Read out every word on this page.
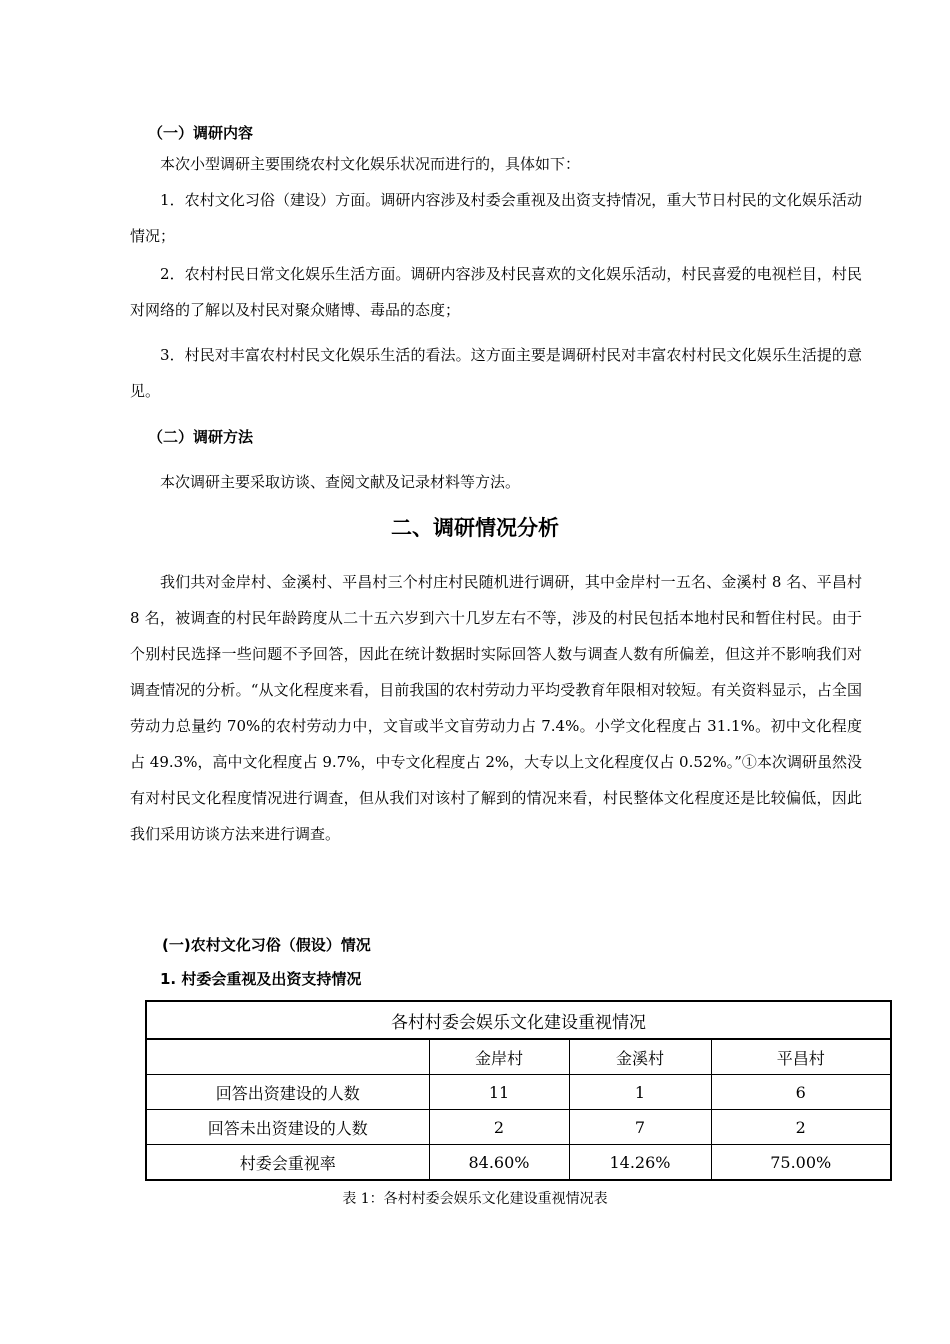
（一）调研内容
本次小型调研主要围绕农村文化娱乐状况而进行的，具体如下：

1．农村文化习俗（建设）方面。调研内容涉及村委会重视及出资支持情况，重大节日村民的文化娱乐活动情况；

2．农村村民日常文化娱乐生活方面。调研内容涉及村民喜欢的文化娱乐活动，村民喜爱的电视栏目，村民对网络的了解以及村民对聚众赌博、毒品的态度；

3．村民对丰富农村村民文化娱乐生活的看法。这方面主要是调研村民对丰富农村村民文化娱乐生活提的意见。

（二）调研方法
本次调研主要采取访谈、查阅文献及记录材料等方法。
二、调研情况分析

我们共对金岸村、金溪村、平昌村三个村庄村民随机进行调研，其中金岸村一五名、金溪村 8 名、平昌村 8 名，被调查的村民年龄跨度从二十五六岁到六十几岁左右不等，涉及的村民包括本地村民和暂住村民。由于个别村民选择一些问题不予回答，因此在统计数据时实际回答人数与调查人数有所偏差，但这并不影响我们对调查情况的分析。“从文化程度来看，目前我国的农村劳动力平均受教育年限相对较短。有关资料显示，占全国劳动力总量约 70%的农村劳动力中，文盲或半文盲劳动力占 7.4%。小学文化程度占 31.1%。初中文化程度占 49.3%，高中文化程度占 9.7%，中专文化程度占 2%，大专以上文化程度仅占 0.52%。”①本次调研虽然没有对村民文化程度情况进行调查，但从我们对该村了解到的情况来看，村民整体文化程度还是比较偏低，因此我们采用访谈方法来进行调查。

(一)农村文化习俗（假设）情况
1. 村委会重视及出资支持情况
各村村委会娱乐文化建设重视情况			
	金岸村	金溪村	平昌村
回答出资建设的人数	11	1	6
回答未出资建设的人数	2	7	2
村委会重视率	84.60%	14.26%	75.00%
表 1：各村村委会娱乐文化建设重视情况表
